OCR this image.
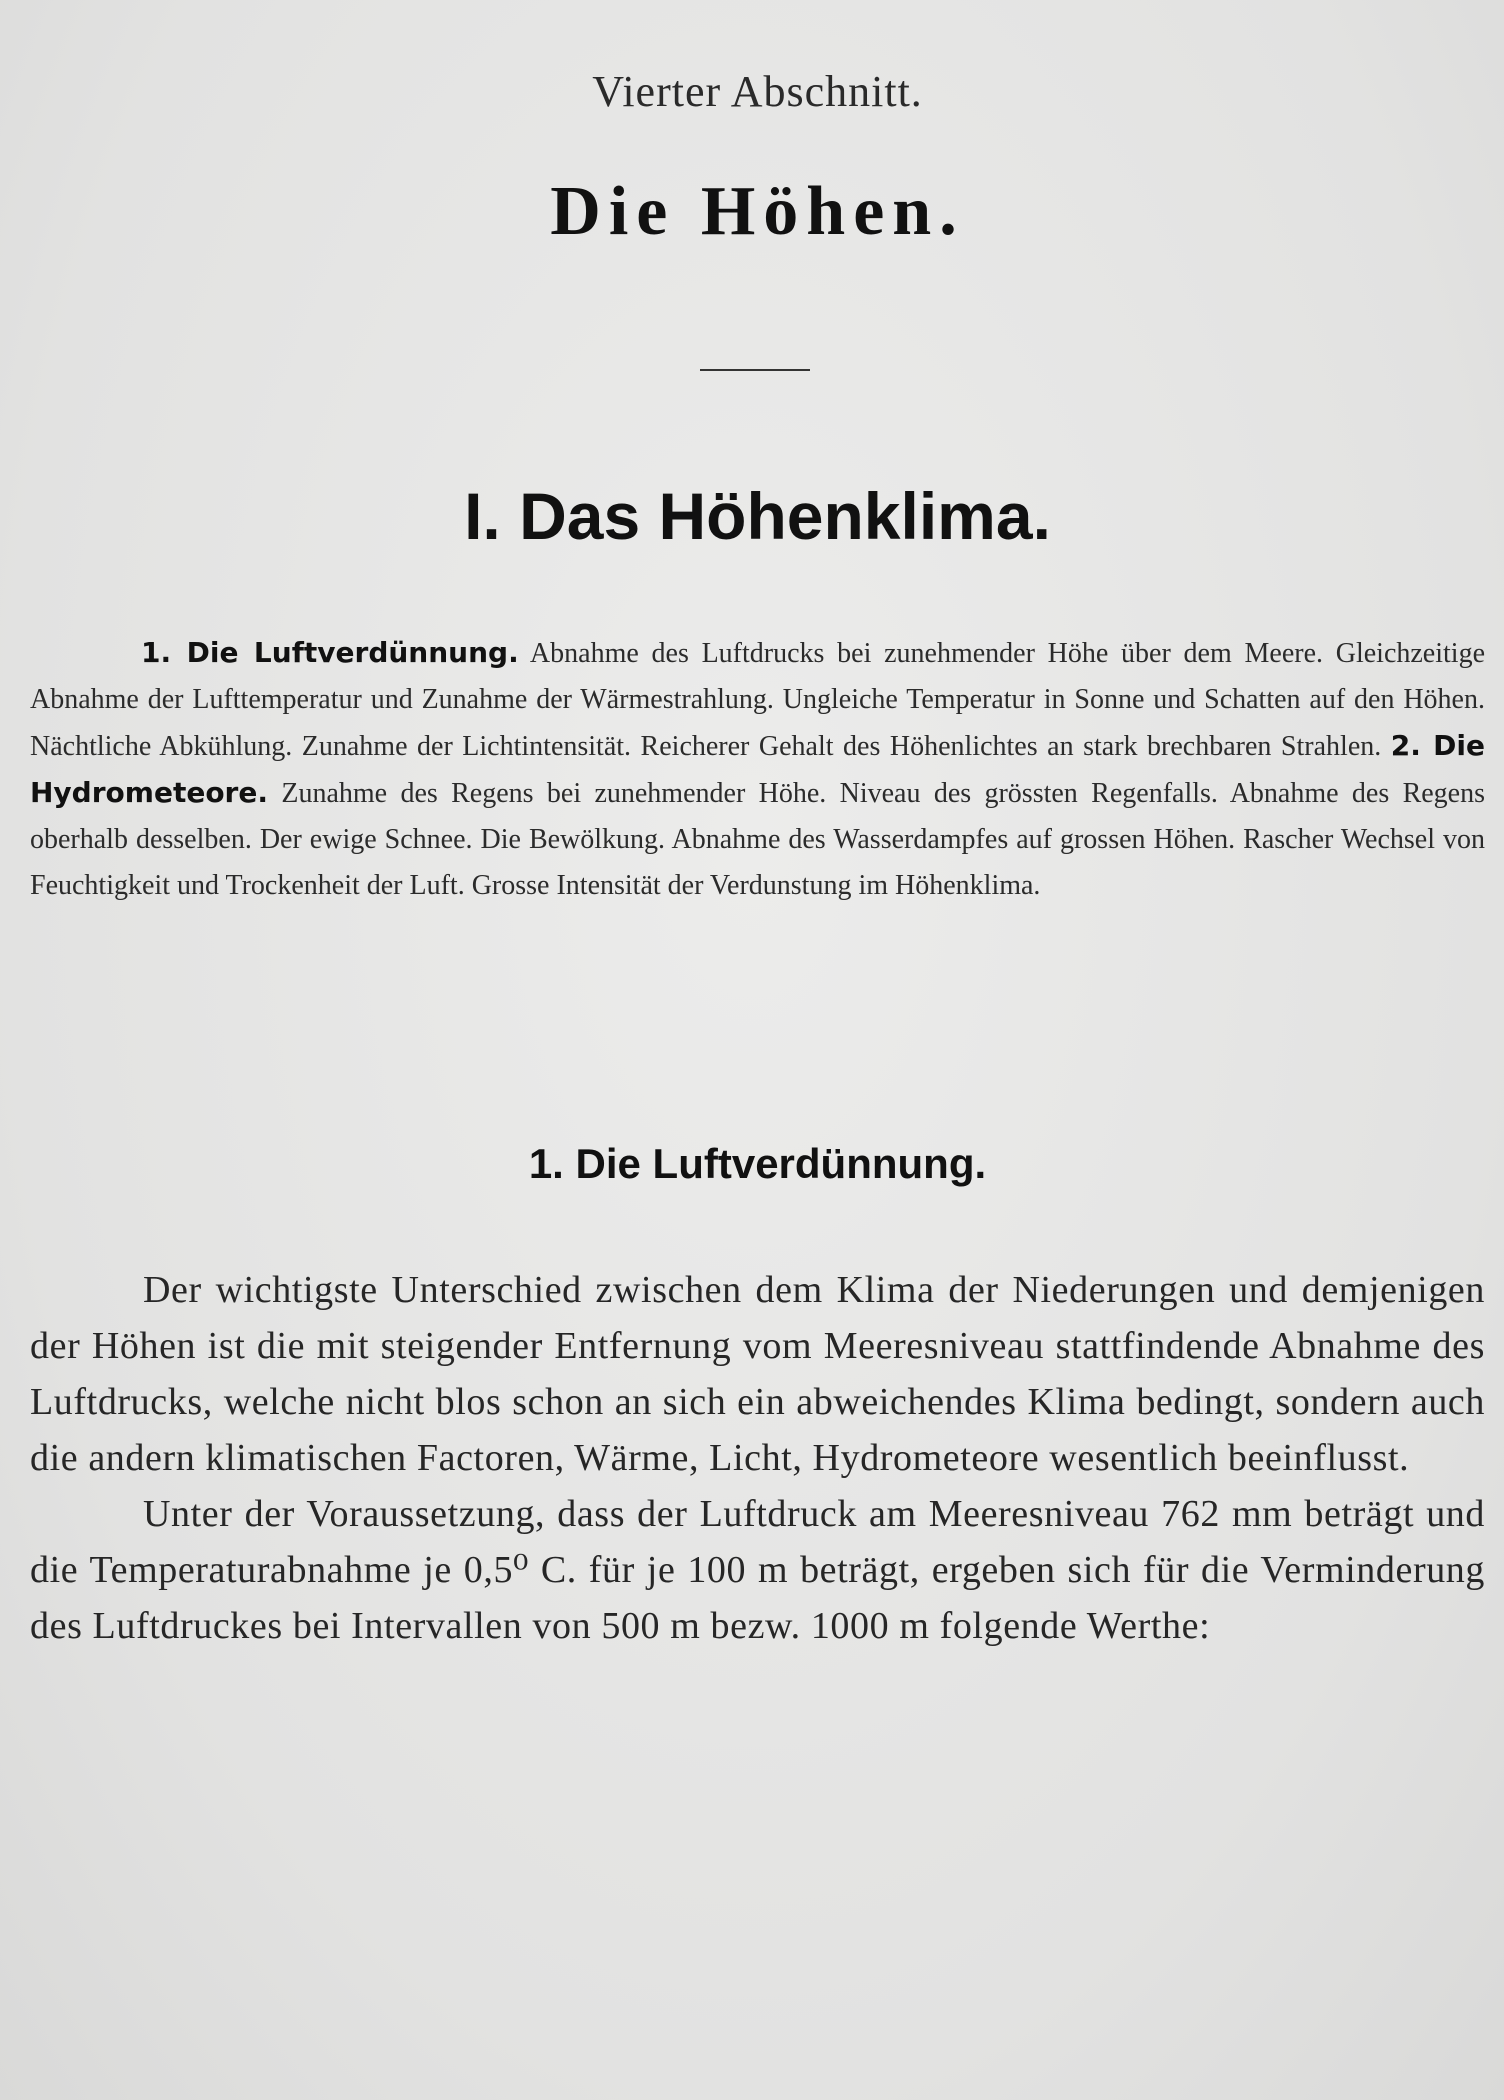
Vierter Abschnitt.
Die Höhen.
I. Das Höhenklima.
1. Die Luftverdünnung. Abnahme des Luftdrucks bei zunehmender Höhe über dem Meere. Gleichzeitige Abnahme der Lufttemperatur und Zunahme der Wärmestrahlung. Ungleiche Temperatur in Sonne und Schatten auf den Höhen. Nächtliche Abkühlung. Zunahme der Lichtintensität. Reicherer Gehalt des Höhenlichtes an stark brechbaren Strahlen. 2. Die Hydrometeore. Zunahme des Regens bei zunehmender Höhe. Niveau des grössten Regenfalls. Abnahme des Regens oberhalb desselben. Der ewige Schnee. Die Bewölkung. Abnahme des Wasserdampfes auf grossen Höhen. Rascher Wechsel von Feuchtigkeit und Trockenheit der Luft. Grosse Intensität der Verdunstung im Höhenklima.
1. Die Luftverdünnung.

Der wichtigste Unterschied zwischen dem Klima der Niederungen und demjenigen der Höhen ist die mit steigender Entfernung vom Meeresniveau stattfindende Abnahme des Luftdrucks, welche nicht blos schon an sich ein abweichendes Klima bedingt, sondern auch die andern klimatischen Factoren, Wärme, Licht, Hydrometeore wesentlich beeinflusst.

Unter der Voraussetzung, dass der Luftdruck am Meeresniveau 762 mm beträgt und die Temperaturabnahme je 0,5⁰ C. für je 100 m beträgt, ergeben sich für die Verminderung des Luftdruckes bei Intervallen von 500 m bezw. 1000 m folgende Werthe:
